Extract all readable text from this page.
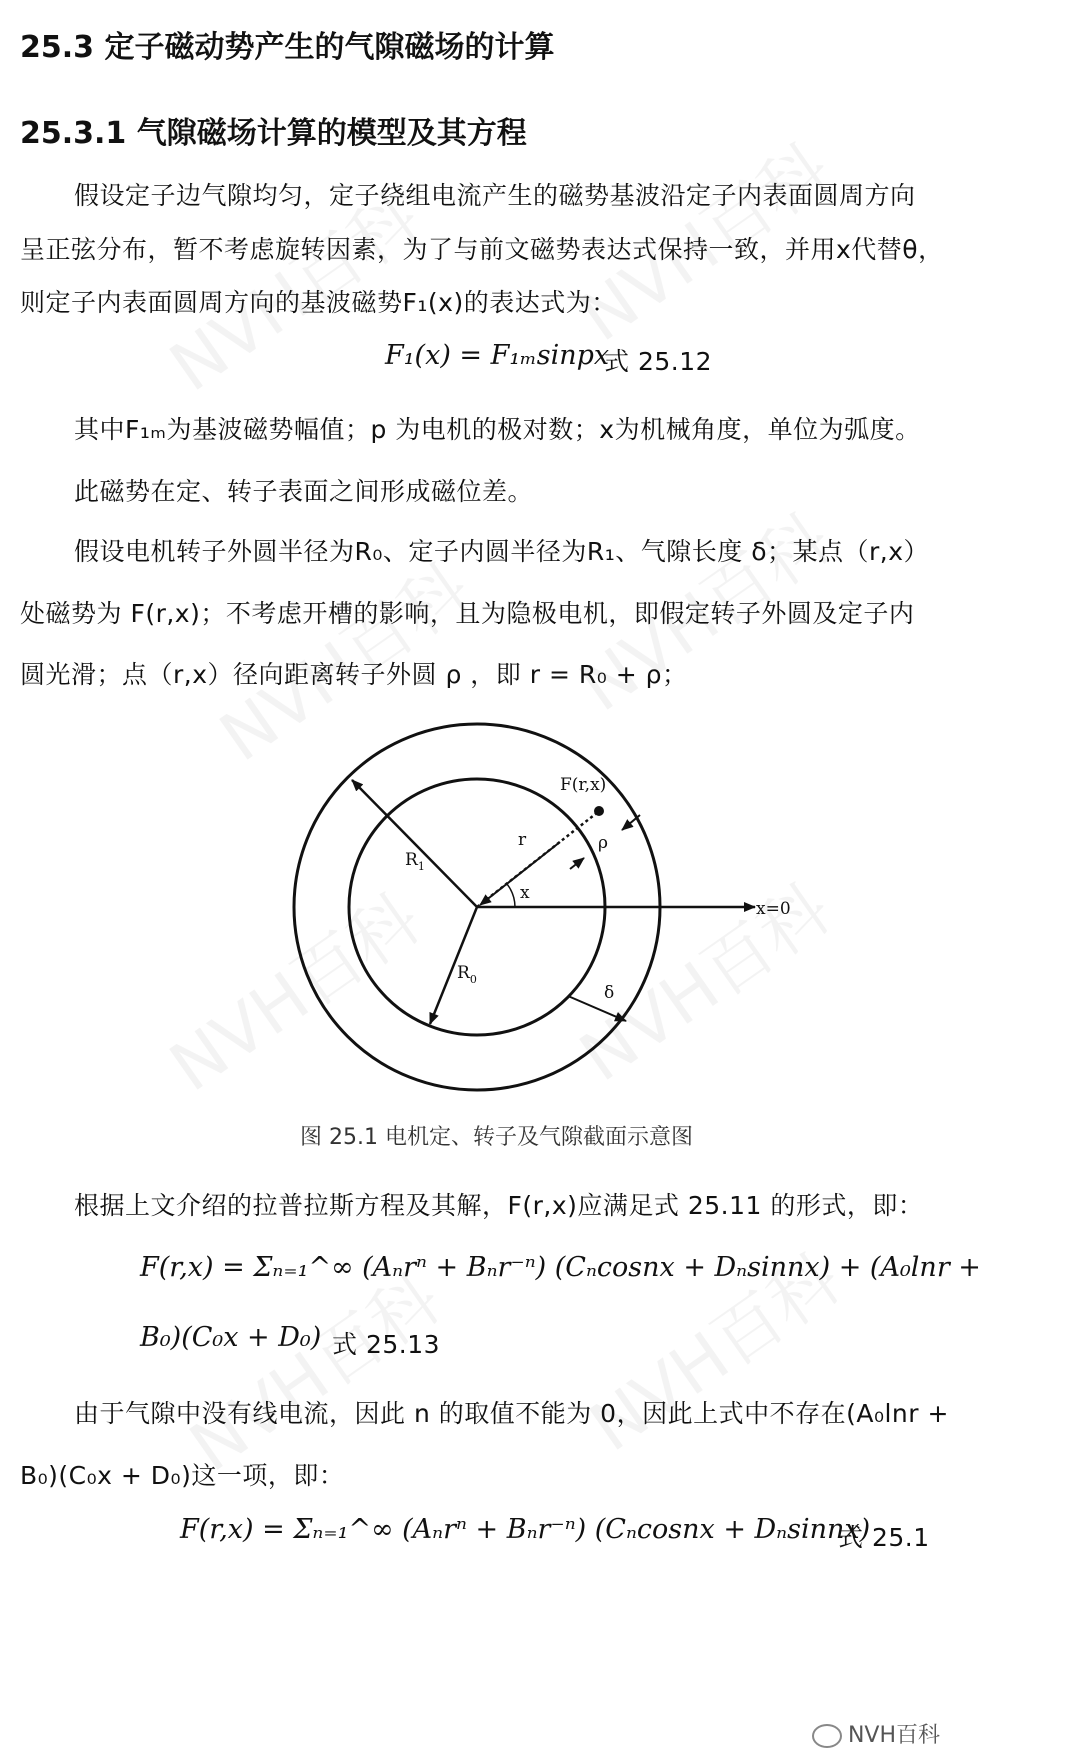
25.3 定子磁动势产生的气隙磁场的计算
25.3.1 气隙磁场计算的模型及其方程
假设定子边气隙均匀，定子绕组电流产生的磁势基波沿定子内表面圆周方向
呈正弦分布，暂不考虑旋转因素，为了与前文磁势表达式保持一致，并用x代替θ，
则定子内表面圆周方向的基波磁势F₁(x)的表达式为：
F₁(x) = F₁ₘsinpx
式 25.12
其中F₁ₘ为基波磁势幅值；p 为电机的极对数；x为机械角度，单位为弧度。
此磁势在定、转子表面之间形成磁位差。
假设电机转子外圆半径为R₀、定子内圆半径为R₁、气隙长度 δ；某点（r,x）
处磁势为 F(r,x)；不考虑开槽的影响，且为隐极电机，即假定转子外圆及定子内
圆光滑；点（r,x）径向距离转子外圆 ρ ，即 r = R₀ + ρ；
F(r,x)
r	ρ
x
x=0
$R_1$
$R_0$
δ
图 25.1 电机定、转子及气隙截面示意图
根据上文介绍的拉普拉斯方程及其解，F(r,x)应满足式 25.11 的形式，即：
F(r,x) = Σₙ₌₁^∞ (Aₙrⁿ + Bₙr⁻ⁿ) (Cₙcosnx + Dₙsinnx) + (A₀lnr +
B₀)(C₀x + D₀) 式 25.13
由于气隙中没有线电流，因此 n 的取值不能为 0，因此上式中不存在(A₀lnr +
B₀)(C₀x + D₀)这一项，即：
F(r,x) = Σₙ₌₁^∞ (Aₙrⁿ + Bₙr⁻ⁿ) (Cₙcosnx + Dₙsinnx)
式 25.1
NVH百科
